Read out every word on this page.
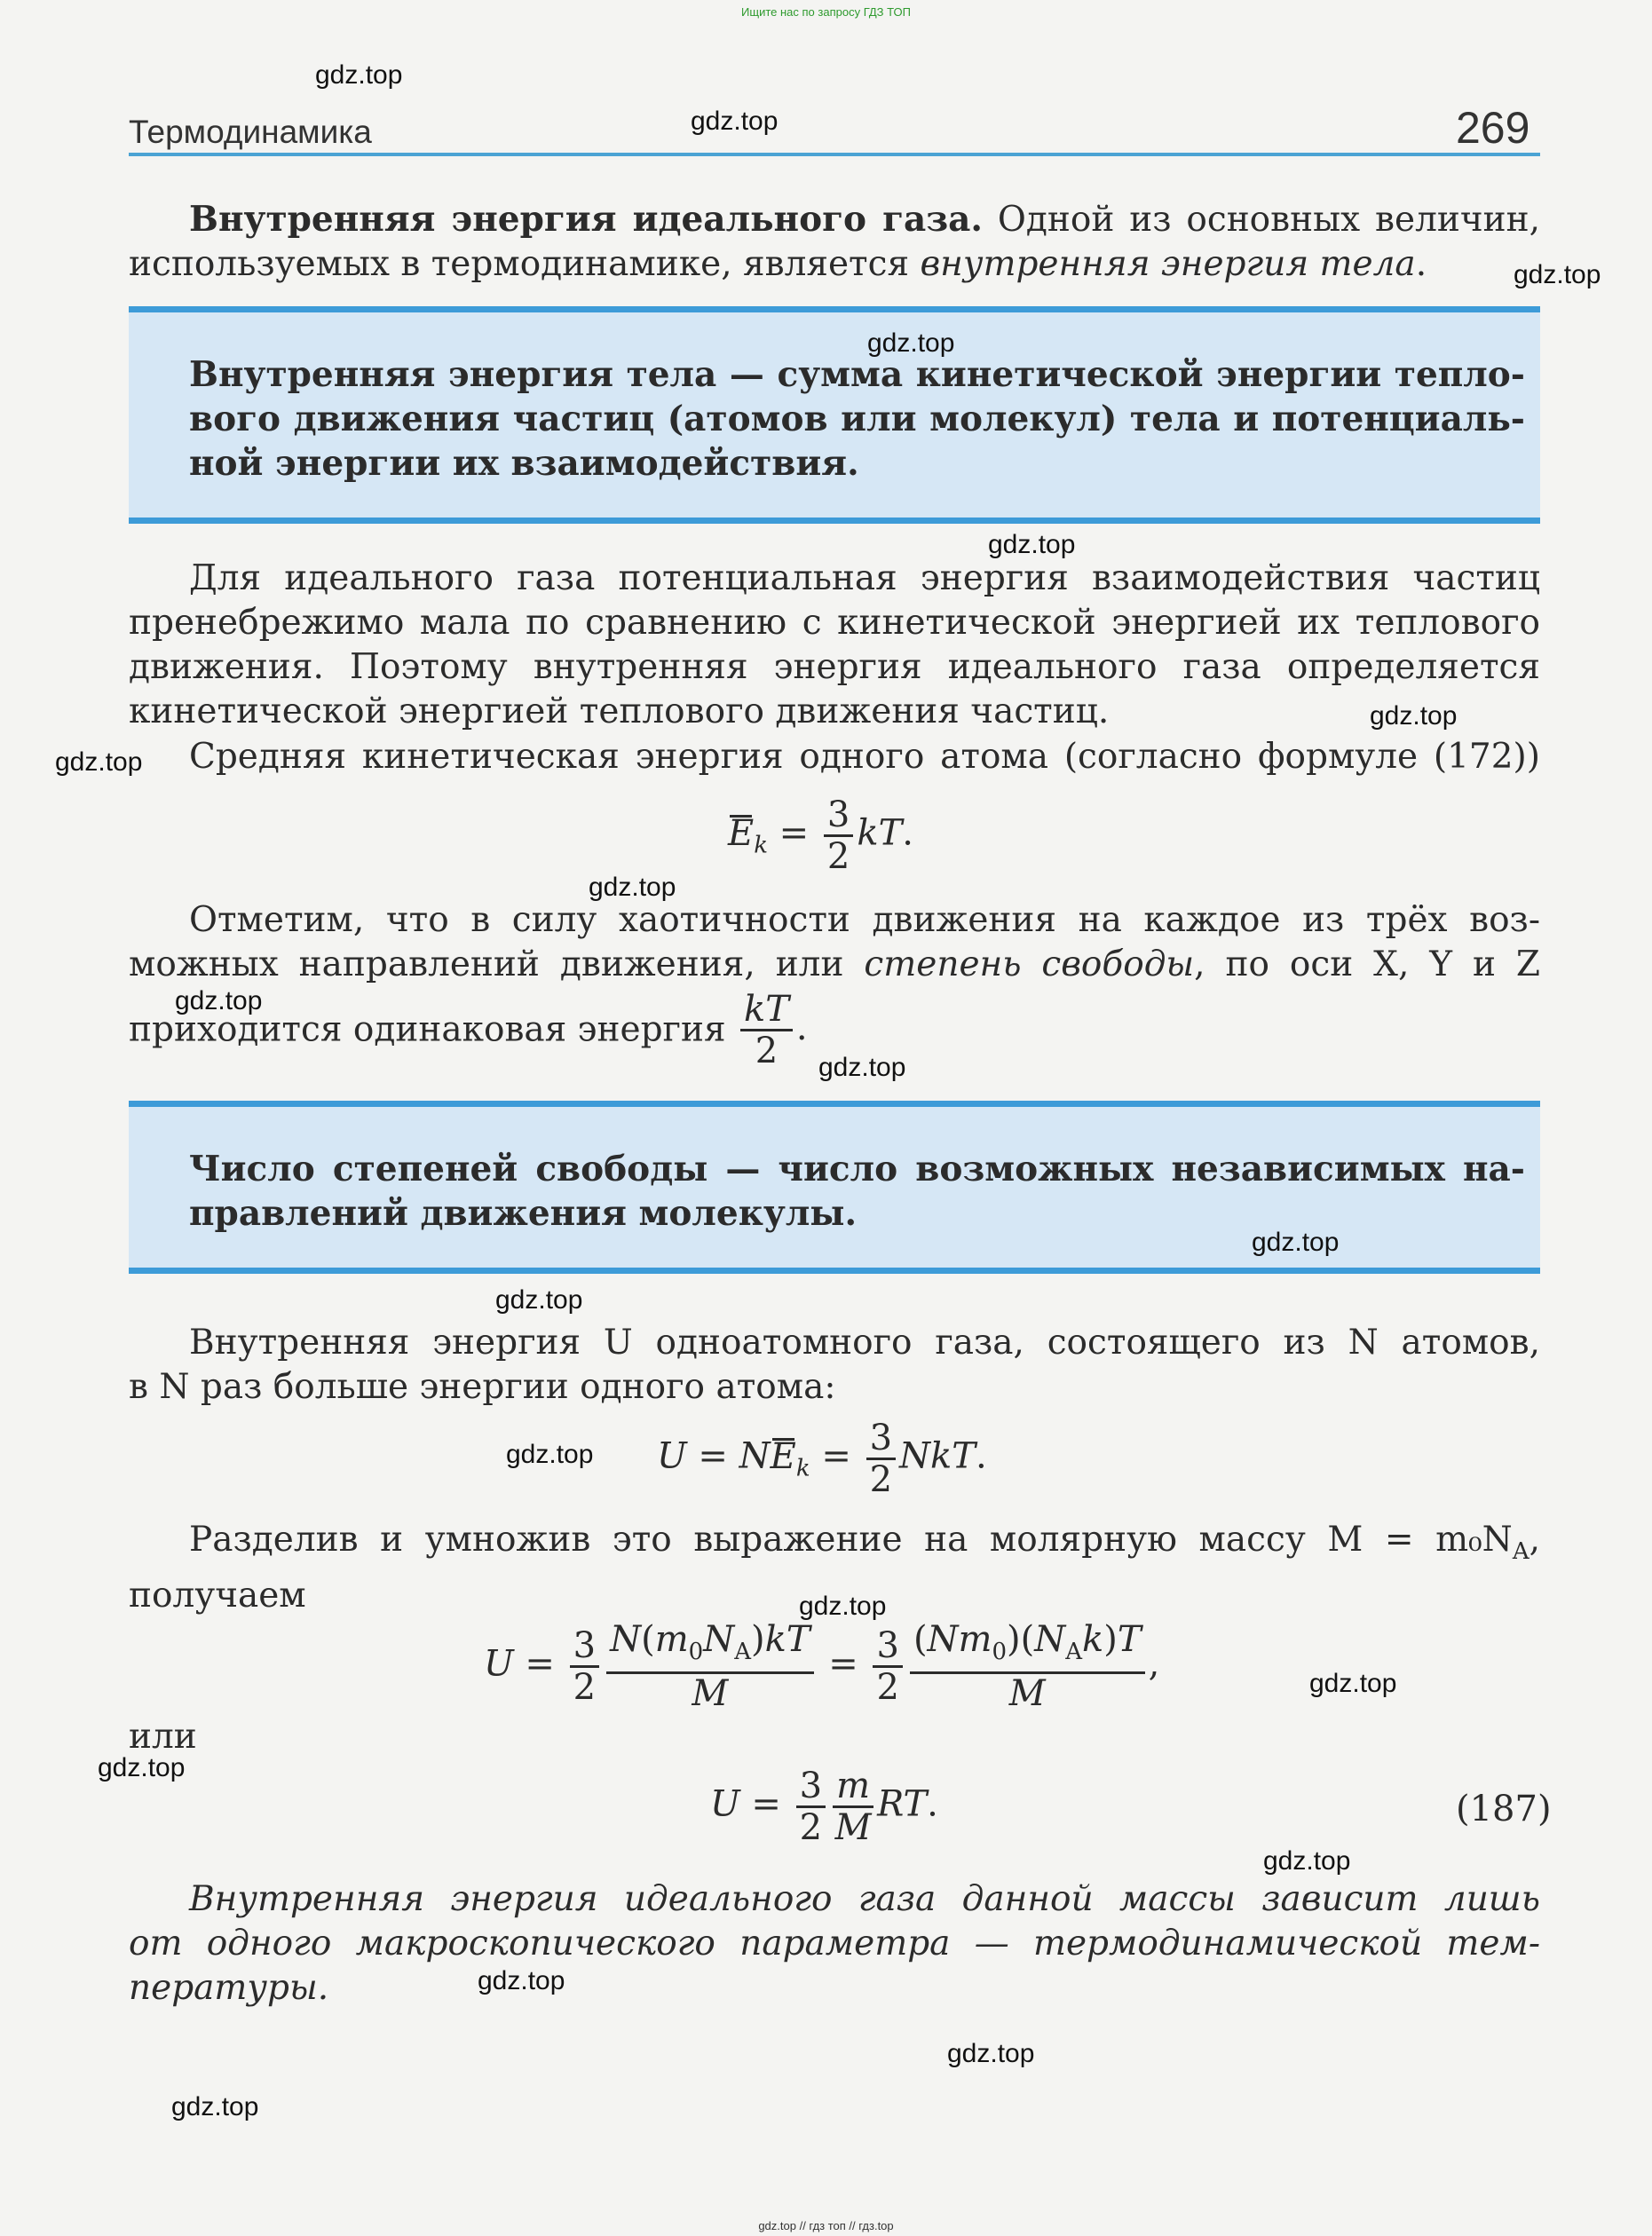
Ищите нас по запросу ГДЗ ТОП
Термодинамика	269
Внутренняя энергия идеального газа. Одной из основных величин,
используемых в термодинамике, является внутренняя энергия тела.
Внутренняя энергия тела — сумма кинетической энергии тепло-
вого движения частиц (атомов или молекул) тела и потенциаль-
ной энергии их взаимодействия.
Для идеального газа потенциальная энергия взаимодействия частиц
пренебрежимо мала по сравнению с кинетической энергией их теплового
движения. Поэтому внутренняя энергия идеального газа определяется
кинетической энергией теплового движения частиц.
Средняя кинетическая энергия одного атома (согласно формуле (172))
$E_k = \frac{3}{2}$ kT.
Отметим, что в силу хаотичности движения на каждое из трёх воз-
можных направлений движения, или степень свободы, по оси X, Y и Z
приходится одинаковая энергия $\frac{kT}{2}$ .
Число степеней свободы — число возможных независимых на-
правлений движения молекулы.
Внутренняя энергия U одноатомного газа, состоящего из N атомов,
в N раз больше энергии одного атома:
$U = NE_k = \frac{3}{2}$ NkT.
Разделив и умножив это выражение на молярную массу $M = m_0N_A$,
получаем
$U = \frac{3}{2} \frac{N(m_0N_A)kT}{M} = \frac{3}{2} \frac{(Nm_0)(N_Ak)T}{M}$ ,
или
$U = \frac{3}{2} \frac{m}{M}$ RT.	(187)
Внутренняя энергия идеального газа данной массы зависит лишь
от одного макроскопического параметра — термодинамической тем-
пературы.
gdz.top
gdz.top
gdz.top
gdz.top
gdz.top
gdz.top
gdz.top
gdz.top
gdz.top
gdz.top
gdz.top
gdz.top
gdz.top
gdz.top
gdz.top
gdz.top
gdz.top
gdz.top
gdz.top
gdz.top
gdz.top // гдз топ // гдз.top
